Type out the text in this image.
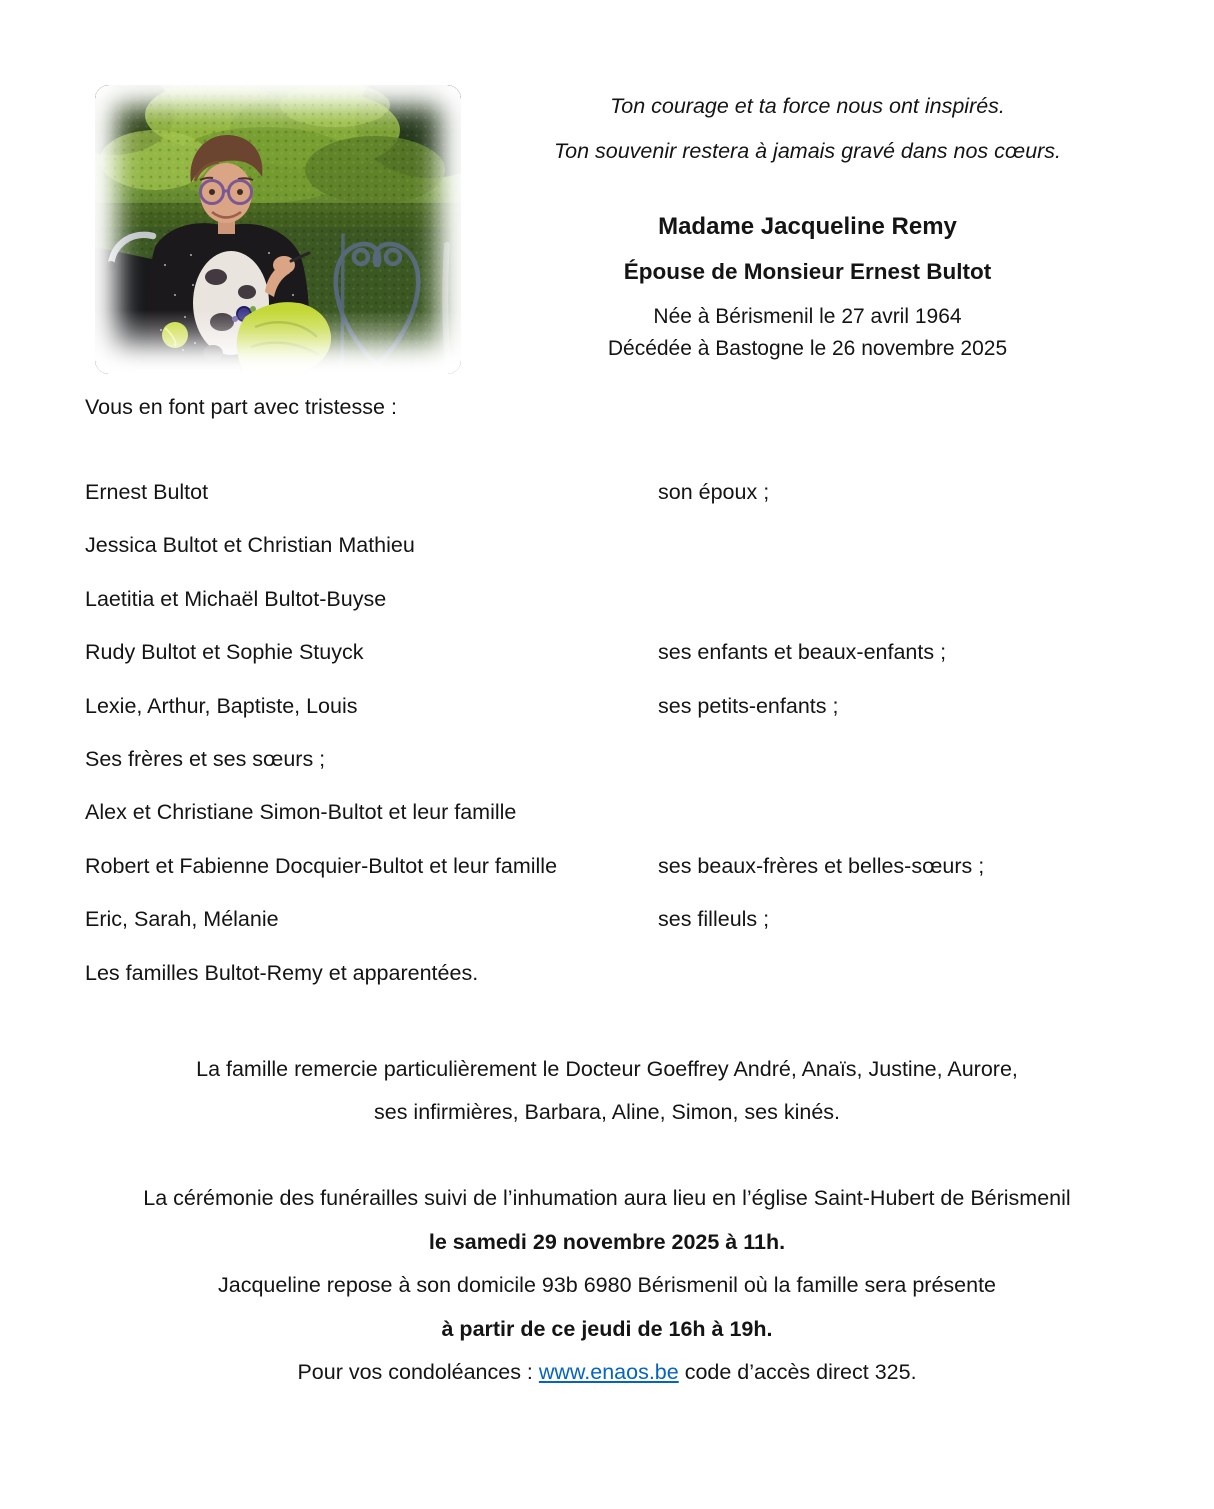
Ton courage et ta force nous ont inspirés.
Ton souvenir restera à jamais gravé dans nos cœurs.
Madame Jacqueline Remy
Épouse de Monsieur Ernest Bultot
Née à Bérismenil le 27 avril 1964
Décédée à Bastogne le 26 novembre 2025
Vous en font part avec tristesse :
Ernest Bultot	son époux ;
Jessica Bultot et Christian Mathieu
Laetitia et Michaël Bultot-Buyse
Rudy Bultot et Sophie Stuyck	ses enfants et beaux-enfants ;
Lexie, Arthur, Baptiste, Louis	ses petits-enfants ;
Ses frères et ses sœurs ;
Alex et Christiane Simon-Bultot et leur famille
Robert et Fabienne Docquier-Bultot et leur famille	ses beaux-frères et belles-sœurs ;
Eric, Sarah, Mélanie	ses filleuls ;
Les familles Bultot-Remy et apparentées.
La famille remercie particulièrement le Docteur Goeffrey André, Anaïs, Justine, Aurore,
ses infirmières, Barbara, Aline, Simon, ses kinés.
La cérémonie des funérailles suivi de l’inhumation aura lieu en l’église Saint-Hubert de Bérismenil
le samedi 29 novembre 2025 à 11h.
Jacqueline repose à son domicile 93b 6980 Bérismenil où la famille sera présente
à partir de ce jeudi de 16h à 19h.
Pour vos condoléances : www.enaos.be code d’accès direct 325.
